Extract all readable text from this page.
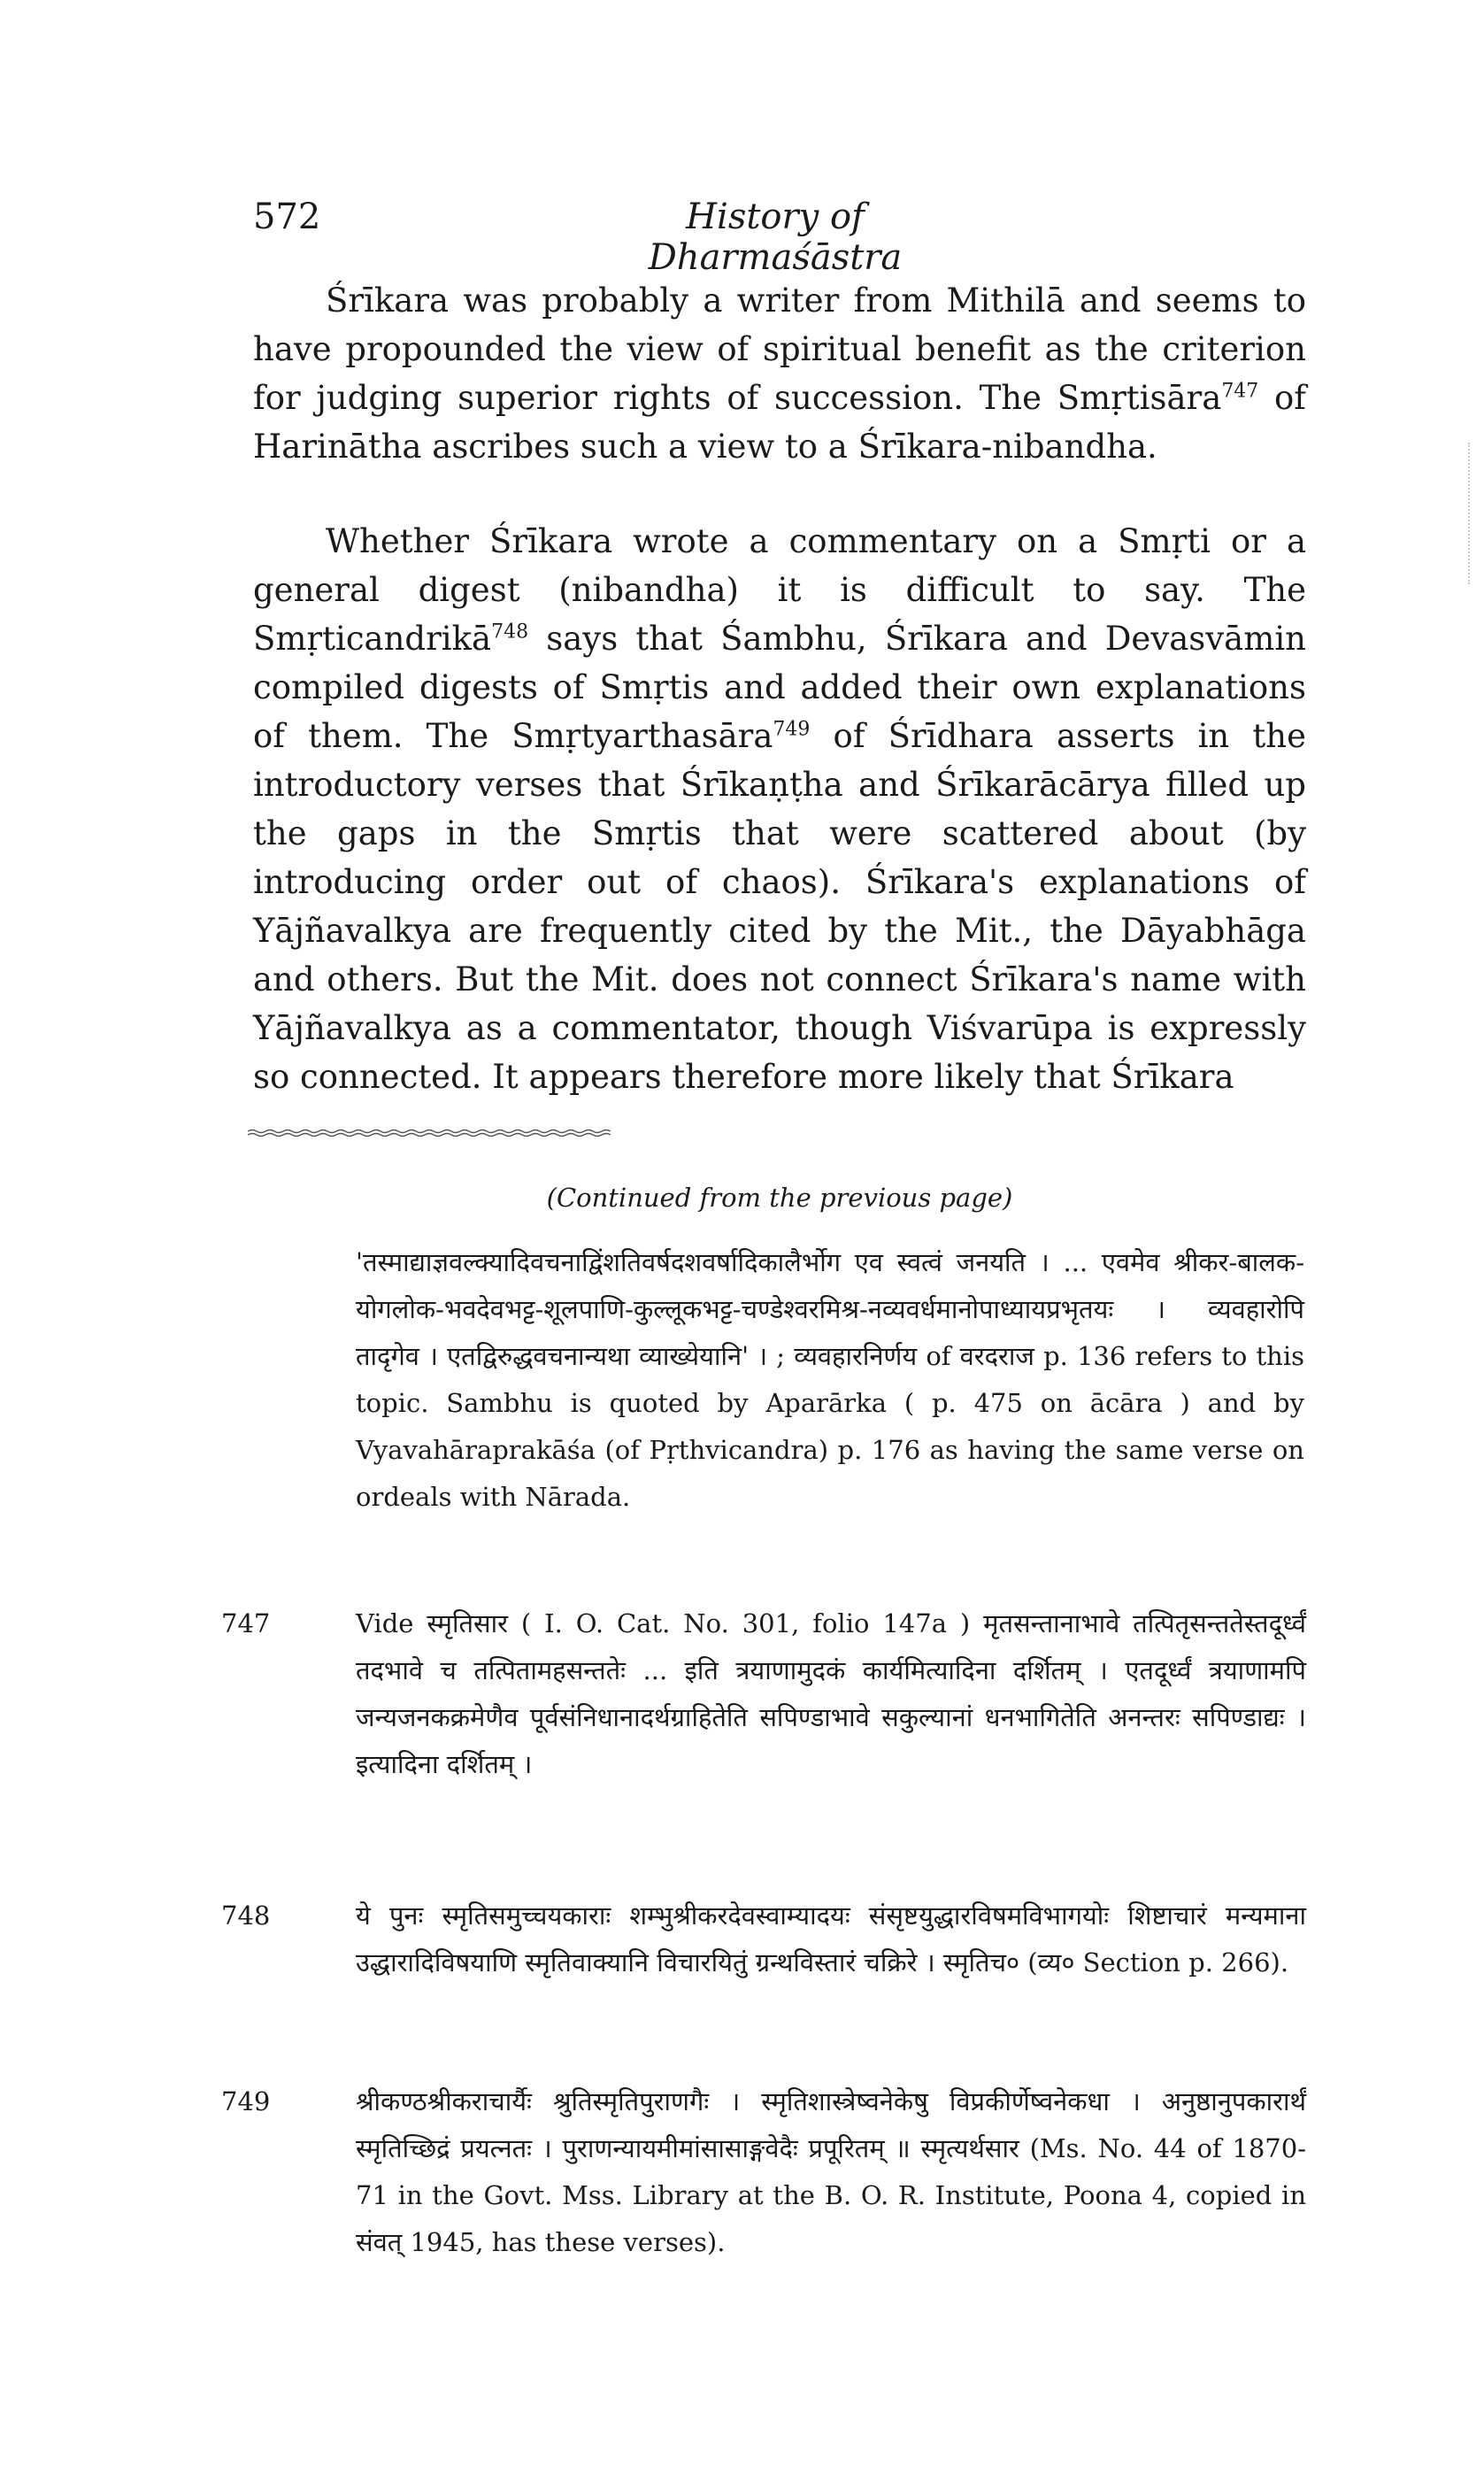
572	History of Dharmaśāstra

Śrīkara was probably a writer from Mithilā and seems to have propounded the view of spiritual benefit as the criterion for judging superior rights of succession. The Smṛtisāra$^{747}$ of Harinātha ascribes such a view to a Śrīkara-nibandha.

Whether Śrīkara wrote a commentary on a Smṛti or a general digest (nibandha) it is difficult to say. The Smṛticandrikā$^{748}$ says that Śambhu, Śrīkara and Devasvāmin compiled digests of Smṛtis and added their own explanations of them. The Smṛtyarthasāra$^{749}$ of Śrīdhara asserts in the introductory verses that Śrīkaṇṭha and Śrīkarācārya filled up the gaps in the Smṛtis that were scattered about (by introducing order out of chaos). Śrīkara's explanations of Yājñavalkya are frequently cited by the Mit., the Dāyabhāga and others. But the Mit. does not connect Śrīkara's name with Yājñavalkya as a commentator, though Viśvarūpa is expressly so connected. It appears therefore more likely that Śrīkara

(Continued from the previous page)

'तस्माद्याज्ञवल्क्यादिवचनाद्विंशतिवर्षदशवर्षादिकालैर्भोग एव स्वत्वं जनयति । ... एवमेव श्रीकर-बालक-योगलोक-भवदेवभट्ट-शूलपाणि-कुल्लूकभट्ट-चण्डेश्वरमिश्र-नव्यवर्धमानोपाध्यायप्रभृतयः । व्यवहारोपि तादृगेव । एतद्विरुद्धवचनान्यथा व्याख्येयानि' । ; व्यवहारनिर्णय of वरदराज p. 136 refers to this topic. Sambhu is quoted by Aparārka ( p. 475 on ācāra ) and by Vyavahāraprakāśa (of Pṛthvicandra) p. 176 as having the same verse on ordeals with Nārada.

747	Vide स्मृतिसार ( I. O. Cat. No. 301, folio 147a ) मृतसन्तानाभावे तत्पितृसन्ततेस्तदूर्ध्वं तदभावे च तत्पितामहसन्ततेः ... इति त्रयाणामुदकं कार्यमित्यादिना दर्शितम् । एतदूर्ध्वं त्रयाणामपि जन्यजनकक्रमेणैव पूर्वसंनिधानादर्थग्राहितेति सपिण्डाभावे सकुल्यानां धनभागितेति अनन्तरः सपिण्डाद्यः । इत्यादिना दर्शितम् ।

748	ये पुनः स्मृतिसमुच्चयकाराः शम्भुश्रीकरदेवस्वाम्यादयः संसृष्टयुद्धारविषमविभागयोः शिष्टाचारं मन्यमाना उद्धारादिविषयाणि स्मृतिवाक्यानि विचारयितुं ग्रन्थविस्तारं चक्रिरे । स्मृतिच० (व्य० Section p. 266).

749	श्रीकण्ठश्रीकराचार्यैः श्रुतिस्मृतिपुराणगैः । स्मृतिशास्त्रेष्वनेकेषु विप्रकीर्णेष्वनेकधा । अनुष्ठानुपकारार्थं स्मृतिच्छिद्रं प्रयत्नतः । पुराणन्यायमीमांसासाङ्गवेदैः प्रपूरितम् ॥ स्मृत्यर्थसार (Ms. No. 44 of 1870-71 in the Govt. Mss. Library at the B. O. R. Institute, Poona 4, copied in संवत् 1945, has these verses).
